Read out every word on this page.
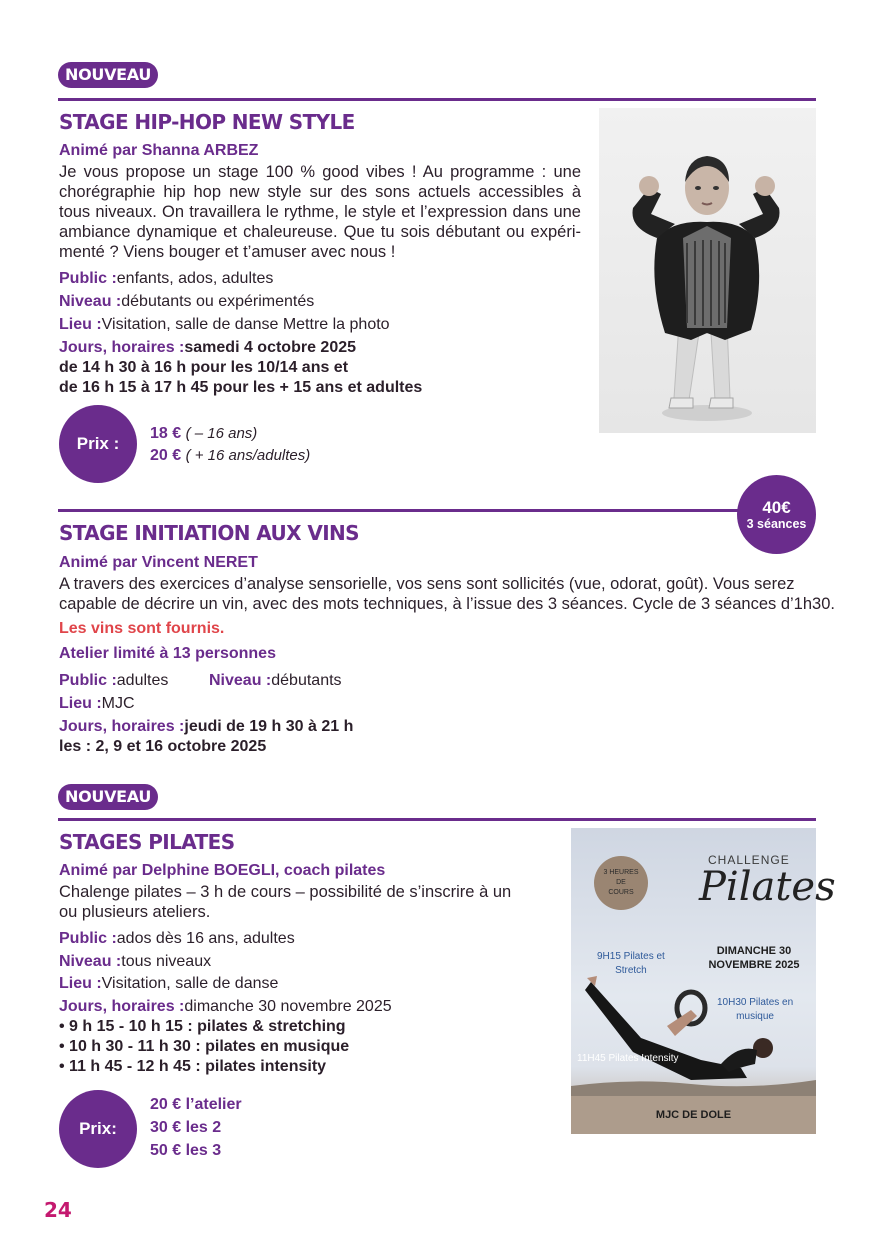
NOUVEAU
STAGE HIP-HOP NEW STYLE
Animé par Shanna ARBEZ
Je vous propose un stage 100 % good vibes ! Au programme : une
chorégraphie hip hop new style sur des sons actuels accessibles à
tous niveaux. On travaillera le rythme, le style et l’expression dans une
ambiance dynamique et chaleureuse. Que tu sois débutant ou expéri-
menté ? Viens bouger et t’amuser avec nous !
Public :enfants, ados, adultes
Niveau :débutants ou expérimentés
Lieu :Visitation, salle de danse Mettre la photo
Jours, horaires :samedi 4 octobre 2025
de 14 h 30 à 16 h pour les 10/14 ans et
de 16 h 15 à 17 h 45 pour les + 15 ans et adultes
Prix :
18 € ( – 16 ans)
20 € ( + 16 ans/adultes)
40€
3 séances
STAGE INITIATION AUX VINS
Animé par Vincent NERET
A travers des exercices d’analyse sensorielle, vos sens sont sollicités (vue, odorat, goût). Vous serez
capable de décrire un vin, avec des mots techniques, à l’issue des 3 séances. Cycle de 3 séances d’1h30.
Les vins sont fournis.
Atelier limité à 13 personnes
Public :adultes	Niveau :débutants
Lieu :MJC
Jours, horaires :jeudi de 19 h 30 à 21 h
les : 2, 9 et 16 octobre 2025
NOUVEAU
STAGES PILATES
Animé par Delphine BOEGLI, coach pilates
Chalenge pilates – 3 h de cours – possibilité de s’inscrire à un
ou plusieurs ateliers.
Public :ados dès 16 ans, adultes
Niveau :tous niveaux
Lieu :Visitation, salle de danse
Jours, horaires :dimanche 30 novembre 2025
• 9 h 15 - 10 h 15 : pilates & stretching
• 10 h 30 - 11 h 30 : pilates en musique
• 11 h 45 - 12 h 45 : pilates intensity
Prix:
20 € l’atelier
30 € les 2
50 € les 3
3 HEURES
DE
COURS
CHALLENGE
Pilates
DIMANCHE 30
NOVEMBRE 2025
9H15 Pilates et
Stretch
10H30 Pilates en
musique
11H45 Pilates Intensity
MJC DE DOLE
24
